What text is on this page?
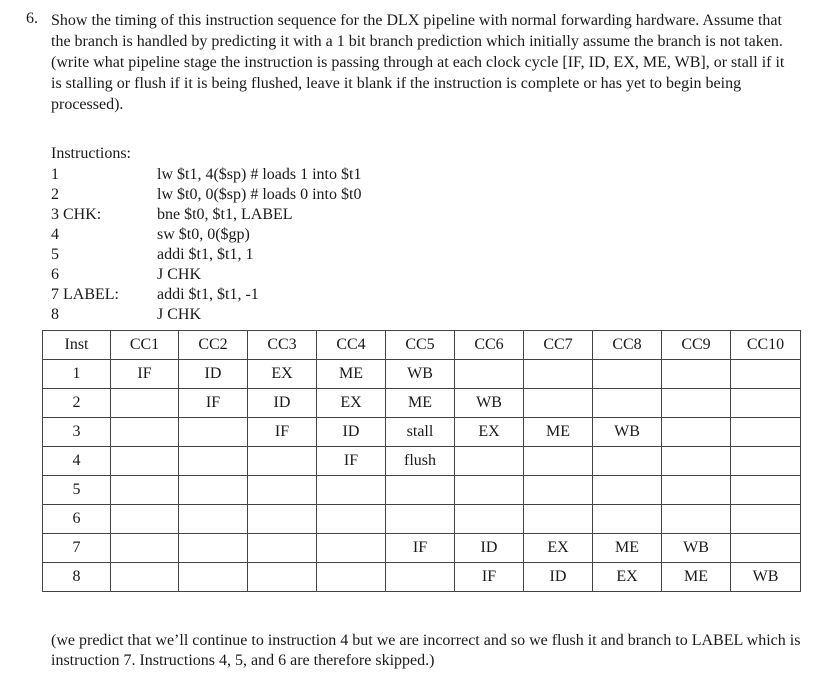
6. Show the timing of this instruction sequence for the DLX pipeline with normal forwarding hardware. Assume that the branch is handled by predicting it with a 1 bit branch prediction which initially assume the branch is not taken. (write what pipeline stage the instruction is passing through at each clock cycle [IF, ID, EX, ME, WB], or stall if it is stalling or flush if it is being flushed, leave it blank if the instruction is complete or has yet to begin being processed).
Instructions:
1	lw $t1, 4($sp) # loads 1 into $t1
2	lw $t0, 0($sp) # loads 0 into $t0
3 CHK:	bne $t0, $t1, LABEL
4	sw $t0, 0($gp)
5	addi $t1, $t1, 1
6	J CHK
7 LABEL: addi $t1, $t1, -1
8	J CHK
Inst	CC1	CC2	CC3	CC4	CC5	CC6	CC7	CC8	CC9	CC10
1	IF	ID	EX	ME	WB					
2		IF	ID	EX	ME	WB				
3			IF	ID	stall	EX	ME	WB		
4				IF	flush					
5										
6										
7					IF	ID	EX	ME	WB	
8						IF	ID	EX	ME	WB
(we predict that we’ll continue to instruction 4 but we are incorrect and so we flush it and branch to LABEL which is instruction 7. Instructions 4, 5, and 6 are therefore skipped.)
